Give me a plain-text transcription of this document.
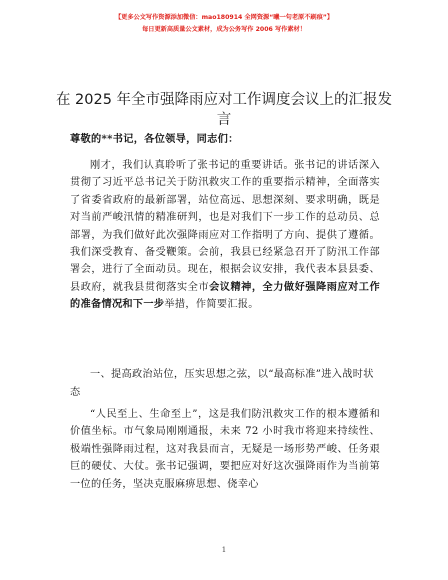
【更多公文写作资源添加微信：mao180914 全网资源“曦一句老原不刷痕”】
每日更新高质量公文素材，成为公务写作 2006 写作素材！
在 2025 年全市强降雨应对工作调度会议上的汇报发言

尊敬的**书记，各位领导，同志们：

刚才，我们认真聆听了张书记的重要讲话。张书记的讲话深入贯彻了习近平总书记关于防汛救灾工作的重要指示精神，全面落实了省委省政府的最新部署，站位高远、思想深刻、要求明确，既是对当前严峻汛情的精准研判，也是对我们下一步工作的总动员、总部署，为我们做好此次强降雨应对工作指明了方向、提供了遵循。我们深受教育、备受鞭策。会前，我县已经紧急召开了防汛工作部署会，进行了全面动员。现在，根据会议安排，我代表本县县委、县政府，就我县贯彻落实全市会议精神，全力做好强降雨应对工作的准备情况和下一步举措，作简要汇报。

一、提高政治站位，压实思想之弦，以“最高标准”进入战时状态

“人民至上、生命至上”，这是我们防汛救灾工作的根本遵循和价值坐标。市气象局刚刚通报，未来 72 小时我市将迎来持续性、极端性强降雨过程，这对我县而言，无疑是一场形势严峻、任务艰巨的硬仗、大仗。张书记强调，要把应对好这次强降雨作为当前第一位的任务，坚决克服麻痹思想、侥幸心

1
